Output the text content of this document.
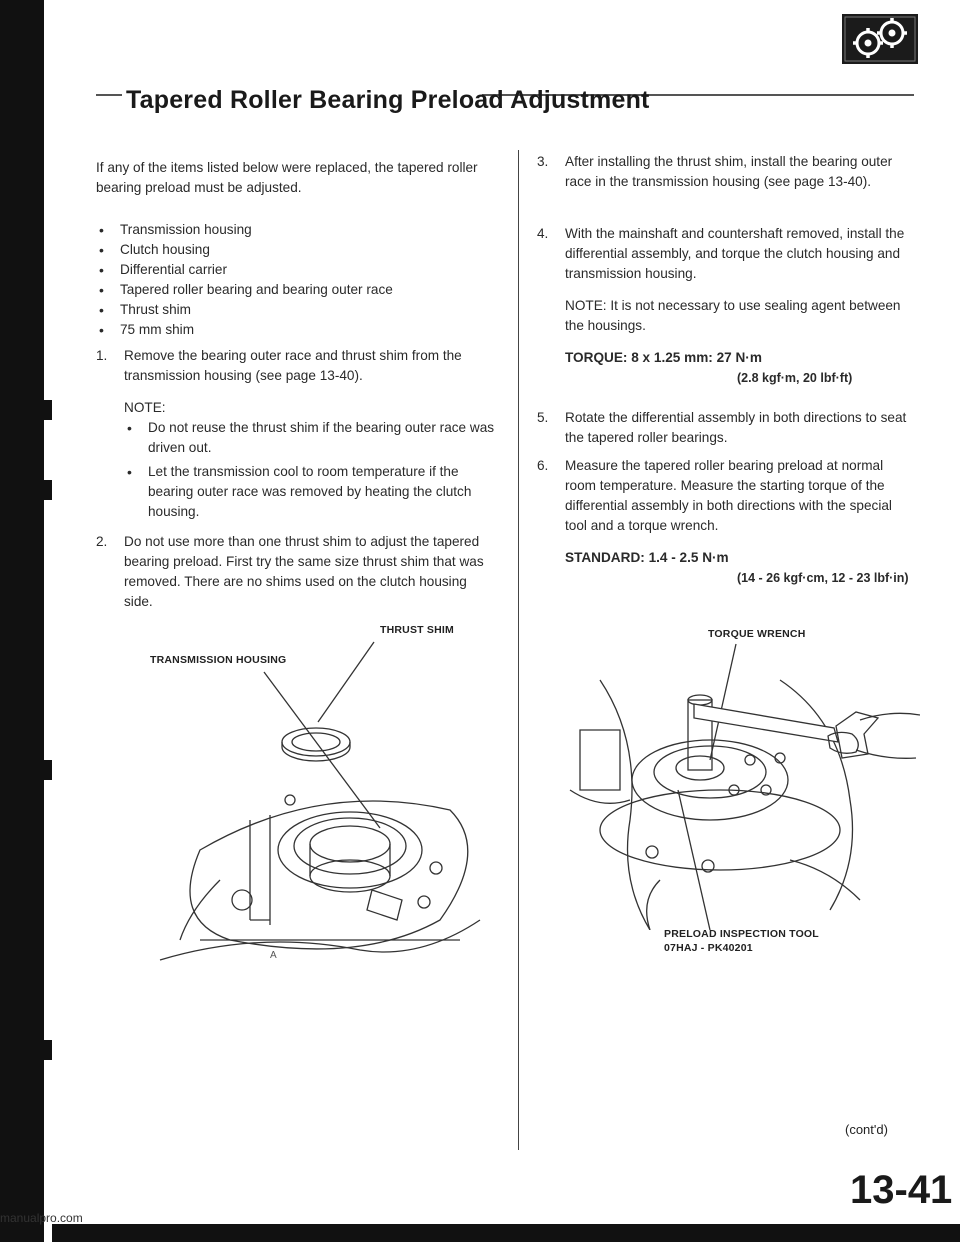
Tapered Roller Bearing Preload Adjustment
If any of the items listed below were replaced, the tapered roller bearing preload must be adjusted.
• Transmission housing
• Clutch housing
• Differential carrier
• Tapered roller bearing and bearing outer race
• Thrust shim
• 75 mm shim
1.	Remove the bearing outer race and thrust shim from the transmission housing (see page 13-40).
NOTE:
• Do not reuse the thrust shim if the bearing outer race was driven out.
• Let the transmission cool to room temperature if the bearing outer race was removed by heating the clutch housing.
2.	Do not use more than one thrust shim to adjust the tapered bearing preload. First try the same size thrust shim that was removed. There are no shims used on the clutch housing side.
THRUST SHIM
TRANSMISSION HOUSING
A
3.	After installing the thrust shim, install the bearing outer race in the transmission housing (see page 13-40).
4.	With the mainshaft and countershaft removed, install the differential assembly, and torque the clutch housing and transmission housing.
NOTE: It is not necessary to use sealing agent between the housings.
TORQUE: 8 x 1.25 mm: 27 N·m
(2.8 kgf·m, 20 lbf·ft)
5.	Rotate the differential assembly in both directions to seat the tapered roller bearings.
6.	Measure the tapered roller bearing preload at normal room temperature. Measure the starting torque of the differential assembly in both directions with the special tool and a torque wrench.
STANDARD: 1.4 - 2.5 N·m
(14 - 26 kgf·cm, 12 - 23 lbf·in)
TORQUE WRENCH
PRELOAD INSPECTION TOOL
07HAJ - PK40201
(cont'd)
13-41
manualpro.com
